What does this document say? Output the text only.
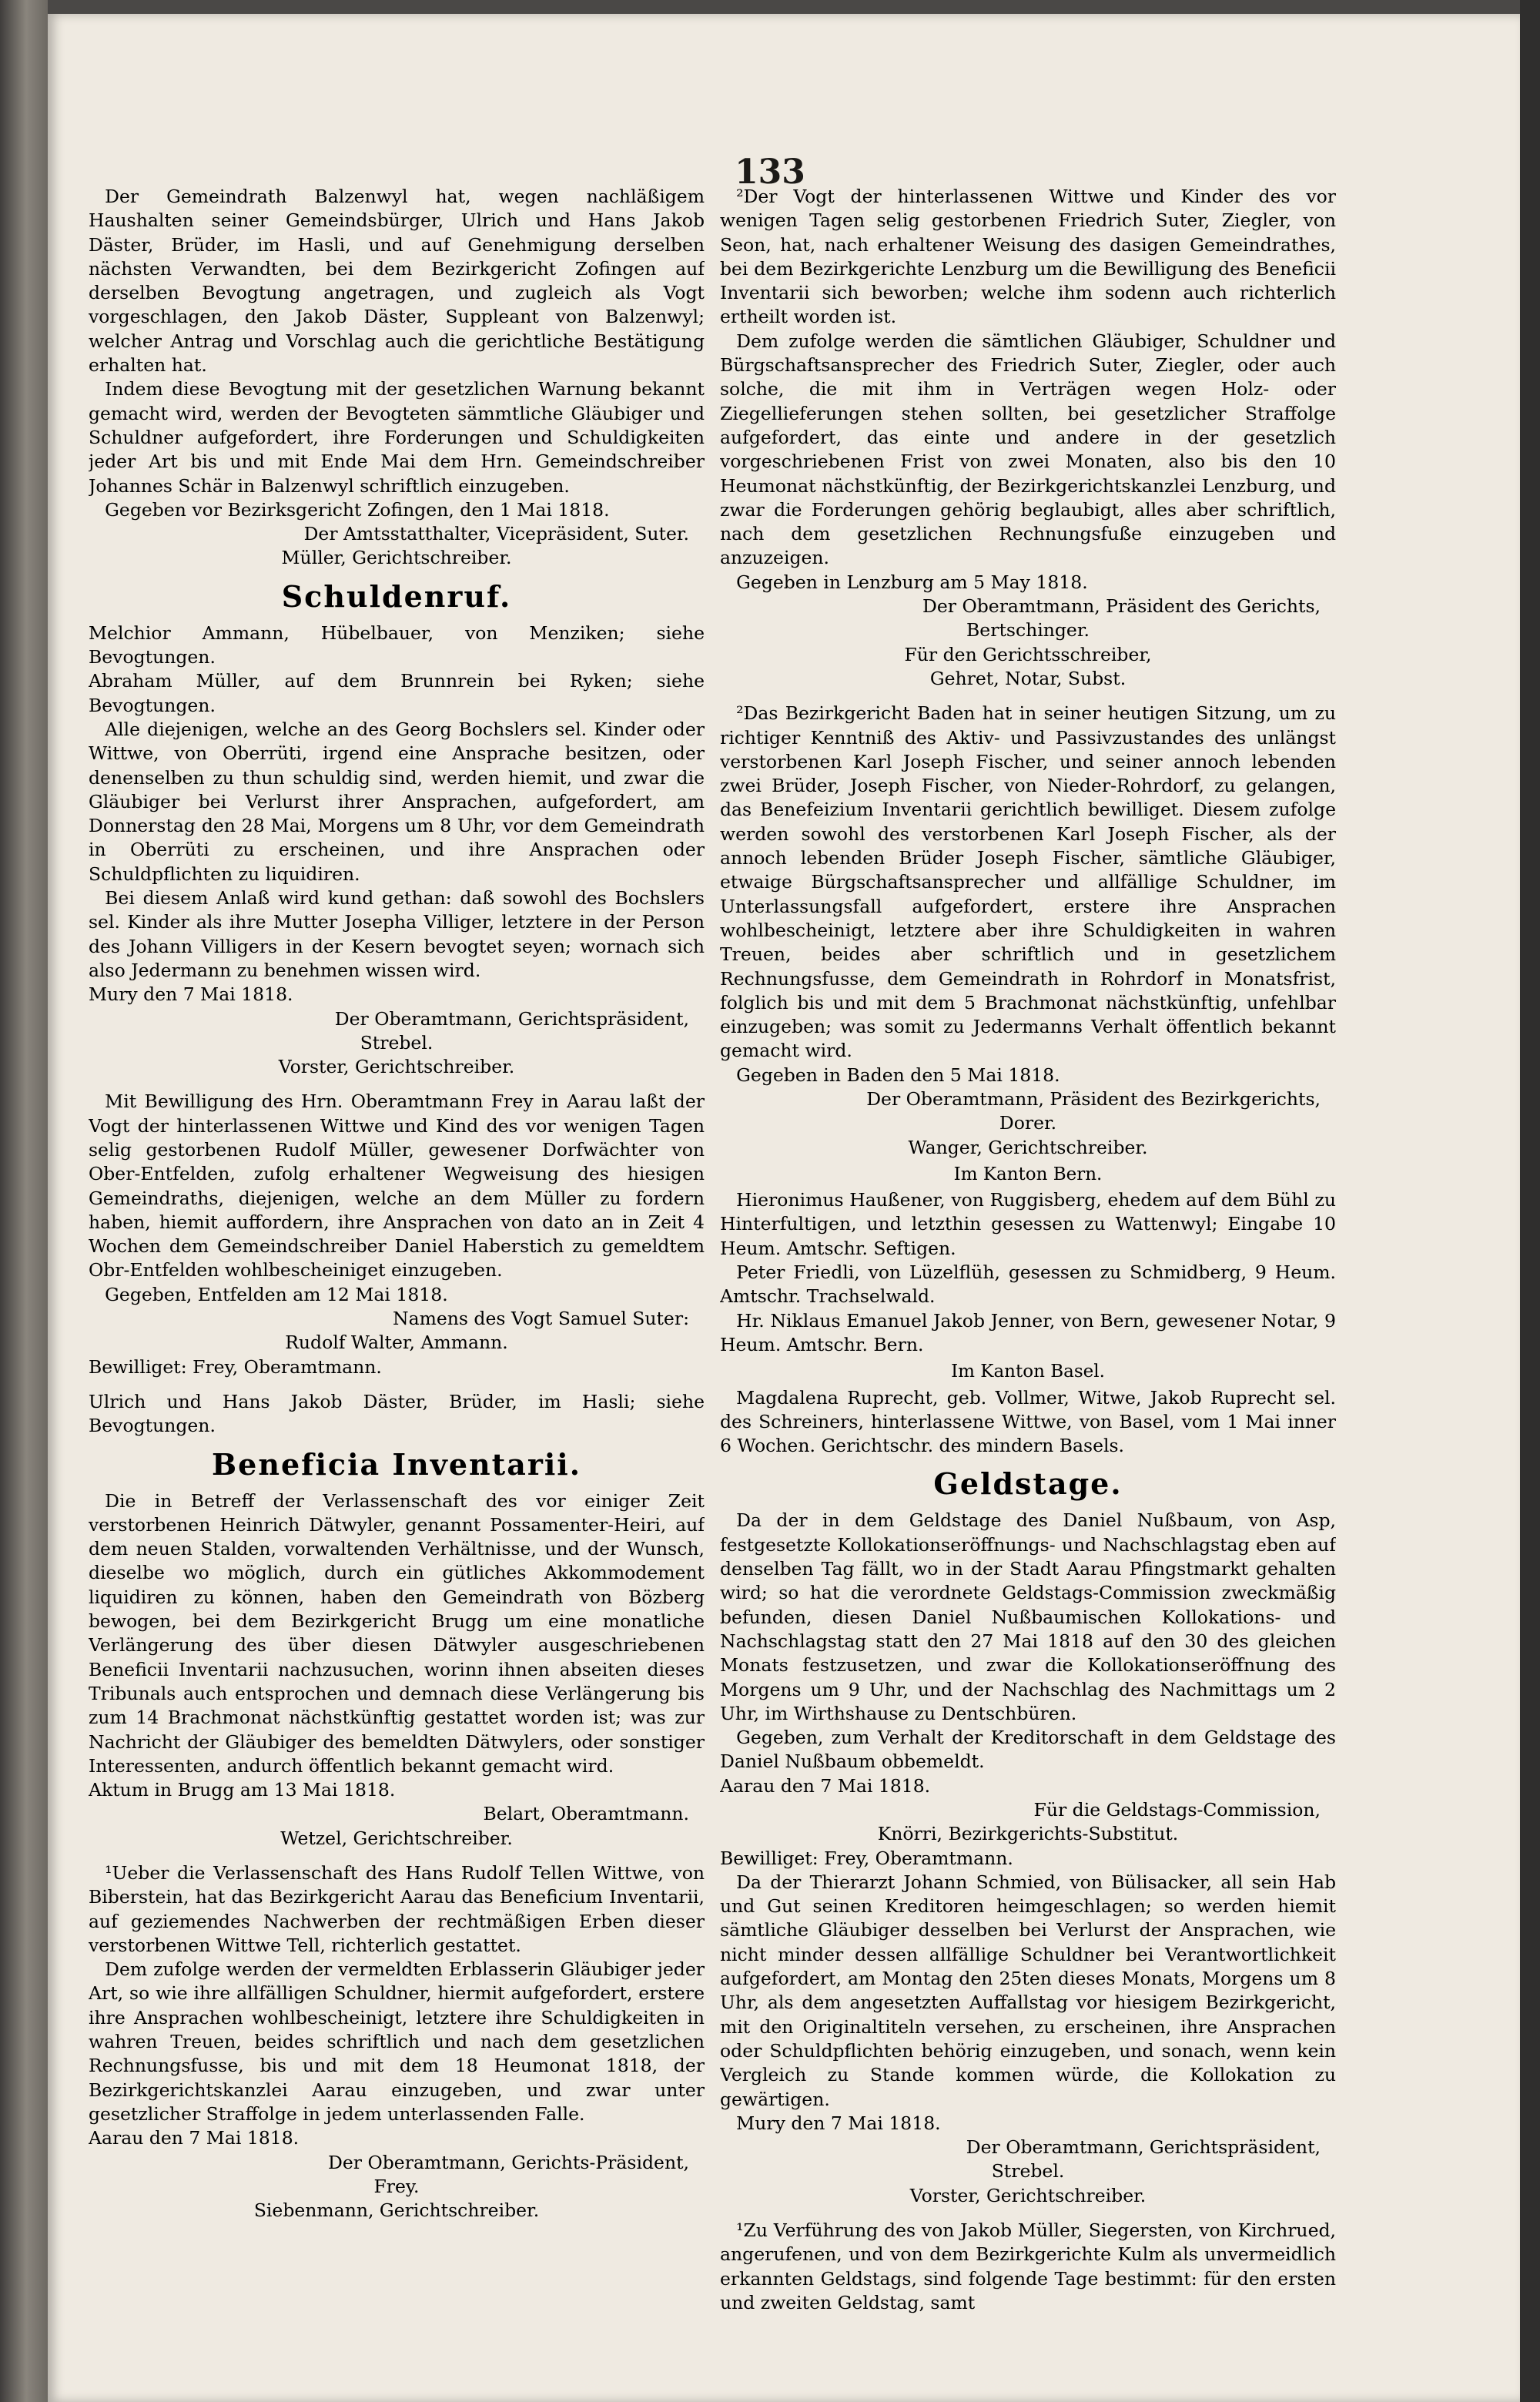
133

Der Gemeindrath Balzenwyl hat, wegen nachläßigem Haushalten seiner Gemeindsbürger, Ulrich und Hans Jakob Däster, Brüder, im Hasli, und auf Genehmigung derselben nächsten Verwandten, bei dem Bezirkgericht Zofingen auf derselben Bevogtung angetragen, und zugleich als Vogt vorgeschlagen, den Jakob Däster, Suppleant von Balzenwyl; welcher Antrag und Vorschlag auch die gerichtliche Bestätigung erhalten hat.

Indem diese Bevogtung mit der gesetzlichen Warnung bekannt gemacht wird, werden der Bevogteten sämmtliche Gläubiger und Schuldner aufgefordert, ihre Forderungen und Schuldigkeiten jeder Art bis und mit Ende Mai dem Hrn. Gemeindschreiber Johannes Schär in Balzenwyl schriftlich einzugeben.

Gegeben vor Bezirksgericht Zofingen, den 1 Mai 1818.

Der Amtsstatthalter, Vicepräsident, Suter.

Müller, Gerichtschreiber.

Schuldenruf.

Melchior Ammann, Hübelbauer, von Menziken; siehe Bevogtungen.

Abraham Müller, auf dem Brunnrein bei Ryken; siehe Bevogtungen.

Alle diejenigen, welche an des Georg Bochslers sel. Kinder oder Wittwe, von Oberrüti, irgend eine Ansprache besitzen, oder denenselben zu thun schuldig sind, werden hiemit, und zwar die Gläubiger bei Verlurst ihrer Ansprachen, aufgefordert, am Donnerstag den 28 Mai, Morgens um 8 Uhr, vor dem Gemeindrath in Oberrüti zu erscheinen, und ihre Ansprachen oder Schuldpflichten zu liquidiren.

Bei diesem Anlaß wird kund gethan: daß sowohl des Bochslers sel. Kinder als ihre Mutter Josepha Villiger, letztere in der Person des Johann Villigers in der Kesern bevogtet seyen; wornach sich also Jedermann zu benehmen wissen wird.

Mury den 7 Mai 1818.

Der Oberamtmann, Gerichtspräsident,

Strebel.

Vorster, Gerichtschreiber.

Mit Bewilligung des Hrn. Oberamtmann Frey in Aarau laßt der Vogt der hinterlassenen Wittwe und Kind des vor wenigen Tagen selig gestorbenen Rudolf Müller, gewesener Dorfwächter von Ober-Entfelden, zufolg erhaltener Wegweisung des hiesigen Gemeindraths, diejenigen, welche an dem Müller zu fordern haben, hiemit auffordern, ihre Ansprachen von dato an in Zeit 4 Wochen dem Gemeindschreiber Daniel Haberstich zu gemeldtem Obr-Entfelden wohlbescheiniget einzugeben.

Gegeben, Entfelden am 12 Mai 1818.

Namens des Vogt Samuel Suter:

Rudolf Walter, Ammann.

Bewilliget: Frey, Oberamtmann.

Ulrich und Hans Jakob Däster, Brüder, im Hasli; siehe Bevogtungen.

Beneficia Inventarii.

Die in Betreff der Verlassenschaft des vor einiger Zeit verstorbenen Heinrich Dätwyler, genannt Possamenter-Heiri, auf dem neuen Stalden, vorwaltenden Verhältnisse, und der Wunsch, dieselbe wo möglich, durch ein gütliches Akkommodement liquidiren zu können, haben den Gemeindrath von Bözberg bewogen, bei dem Bezirkgericht Brugg um eine monatliche Verlängerung des über diesen Dätwyler ausgeschriebenen Beneficii Inventarii nachzusuchen, worinn ihnen abseiten dieses Tribunals auch entsprochen und demnach diese Verlängerung bis zum 14 Brachmonat nächstkünftig gestattet worden ist; was zur Nachricht der Gläubiger des bemeldten Dätwylers, oder sonstiger Interessenten, andurch öffentlich bekannt gemacht wird.

Aktum in Brugg am 13 Mai 1818.

Belart, Oberamtmann.

Wetzel, Gerichtschreiber.

¹Ueber die Verlassenschaft des Hans Rudolf Tellen Wittwe, von Biberstein, hat das Bezirkgericht Aarau das Beneficium Inventarii, auf geziemendes Nachwerben der rechtmäßigen Erben dieser verstorbenen Wittwe Tell, richterlich gestattet.

Dem zufolge werden der vermeldten Erblasserin Gläubiger jeder Art, so wie ihre allfälligen Schuldner, hiermit aufgefordert, erstere ihre Ansprachen wohlbescheinigt, letztere ihre Schuldigkeiten in wahren Treuen, beides schriftlich und nach dem gesetzlichen Rechnungsfusse, bis und mit dem 18 Heumonat 1818, der Bezirkgerichtskanzlei Aarau einzugeben, und zwar unter gesetzlicher Straffolge in jedem unterlassenden Falle.

Aarau den 7 Mai 1818.

Der Oberamtmann, Gerichts-Präsident,

Frey.

Siebenmann, Gerichtschreiber.

²Der Vogt der hinterlassenen Wittwe und Kinder des vor wenigen Tagen selig gestorbenen Friedrich Suter, Ziegler, von Seon, hat, nach erhaltener Weisung des dasigen Gemeindrathes, bei dem Bezirkgerichte Lenzburg um die Bewilligung des Beneficii Inventarii sich beworben; welche ihm sodenn auch richterlich ertheilt worden ist.

Dem zufolge werden die sämtlichen Gläubiger, Schuldner und Bürgschaftsansprecher des Friedrich Suter, Ziegler, oder auch solche, die mit ihm in Verträgen wegen Holz- oder Ziegellieferungen stehen sollten, bei gesetzlicher Straffolge aufgefordert, das einte und andere in der gesetzlich vorgeschriebenen Frist von zwei Monaten, also bis den 10 Heumonat nächstkünftig, der Bezirkgerichtskanzlei Lenzburg, und zwar die Forderungen gehörig beglaubigt, alles aber schriftlich, nach dem gesetzlichen Rechnungsfuße einzugeben und anzuzeigen.

Gegeben in Lenzburg am 5 May 1818.

Der Oberamtmann, Präsident des Gerichts,

Bertschinger.

Für den Gerichtsschreiber,

Gehret, Notar, Subst.

²Das Bezirkgericht Baden hat in seiner heutigen Sitzung, um zu richtiger Kenntniß des Aktiv- und Passivzustandes des unlängst verstorbenen Karl Joseph Fischer, und seiner annoch lebenden zwei Brüder, Joseph Fischer, von Nieder-Rohrdorf, zu gelangen, das Benefeizium Inventarii gerichtlich bewilliget. Diesem zufolge werden sowohl des verstorbenen Karl Joseph Fischer, als der annoch lebenden Brüder Joseph Fischer, sämtliche Gläubiger, etwaige Bürgschaftsansprecher und allfällige Schuldner, im Unterlassungsfall aufgefordert, erstere ihre Ansprachen wohlbescheinigt, letztere aber ihre Schuldigkeiten in wahren Treuen, beides aber schriftlich und in gesetzlichem Rechnungsfusse, dem Gemeindrath in Rohrdorf in Monatsfrist, folglich bis und mit dem 5 Brachmonat nächstkünftig, unfehlbar einzugeben; was somit zu Jedermanns Verhalt öffentlich bekannt gemacht wird.

Gegeben in Baden den 5 Mai 1818.

Der Oberamtmann, Präsident des Bezirkgerichts,

Dorer.

Wanger, Gerichtschreiber.

Im Kanton Bern.

Hieronimus Haußener, von Ruggisberg, ehedem auf dem Bühl zu Hinterfultigen, und letzthin gesessen zu Wattenwyl; Eingabe 10 Heum. Amtschr. Seftigen.

Peter Friedli, von Lüzelflüh, gesessen zu Schmidberg, 9 Heum. Amtschr. Trachselwald.

Hr. Niklaus Emanuel Jakob Jenner, von Bern, gewesener Notar, 9 Heum. Amtschr. Bern.

Im Kanton Basel.

Magdalena Ruprecht, geb. Vollmer, Witwe, Jakob Ruprecht sel. des Schreiners, hinterlassene Wittwe, von Basel, vom 1 Mai inner 6 Wochen. Gerichtschr. des mindern Basels.

Geldstage.

Da der in dem Geldstage des Daniel Nußbaum, von Asp, festgesetzte Kollokationseröffnungs- und Nachschlagstag eben auf denselben Tag fällt, wo in der Stadt Aarau Pfingstmarkt gehalten wird; so hat die verordnete Geldstags-Commission zweckmäßig befunden, diesen Daniel Nußbaumischen Kollokations- und Nachschlagstag statt den 27 Mai 1818 auf den 30 des gleichen Monats festzusetzen, und zwar die Kollokationseröffnung des Morgens um 9 Uhr, und der Nachschlag des Nachmittags um 2 Uhr, im Wirthshause zu Dentschbüren.

Gegeben, zum Verhalt der Kreditorschaft in dem Geldstage des Daniel Nußbaum obbemeldt.

Aarau den 7 Mai 1818.

Für die Geldstags-Commission,

Knörri, Bezirkgerichts-Substitut.

Bewilliget: Frey, Oberamtmann.

Da der Thierarzt Johann Schmied, von Bülisacker, all sein Hab und Gut seinen Kreditoren heimgeschlagen; so werden hiemit sämtliche Gläubiger desselben bei Verlurst der Ansprachen, wie nicht minder dessen allfällige Schuldner bei Verantwortlichkeit aufgefordert, am Montag den 25ten dieses Monats, Morgens um 8 Uhr, als dem angesetzten Auffallstag vor hiesigem Bezirkgericht, mit den Originaltiteln versehen, zu erscheinen, ihre Ansprachen oder Schuldpflichten behörig einzugeben, und sonach, wenn kein Vergleich zu Stande kommen würde, die Kollokation zu gewärtigen.

Mury den 7 Mai 1818.

Der Oberamtmann, Gerichtspräsident,

Strebel.

Vorster, Gerichtschreiber.

¹Zu Verführung des von Jakob Müller, Siegersten, von Kirchrued, angerufenen, und von dem Bezirkgerichte Kulm als unvermeidlich erkannten Geldstags, sind folgende Tage bestimmt: für den ersten und zweiten Geldstag, samt
